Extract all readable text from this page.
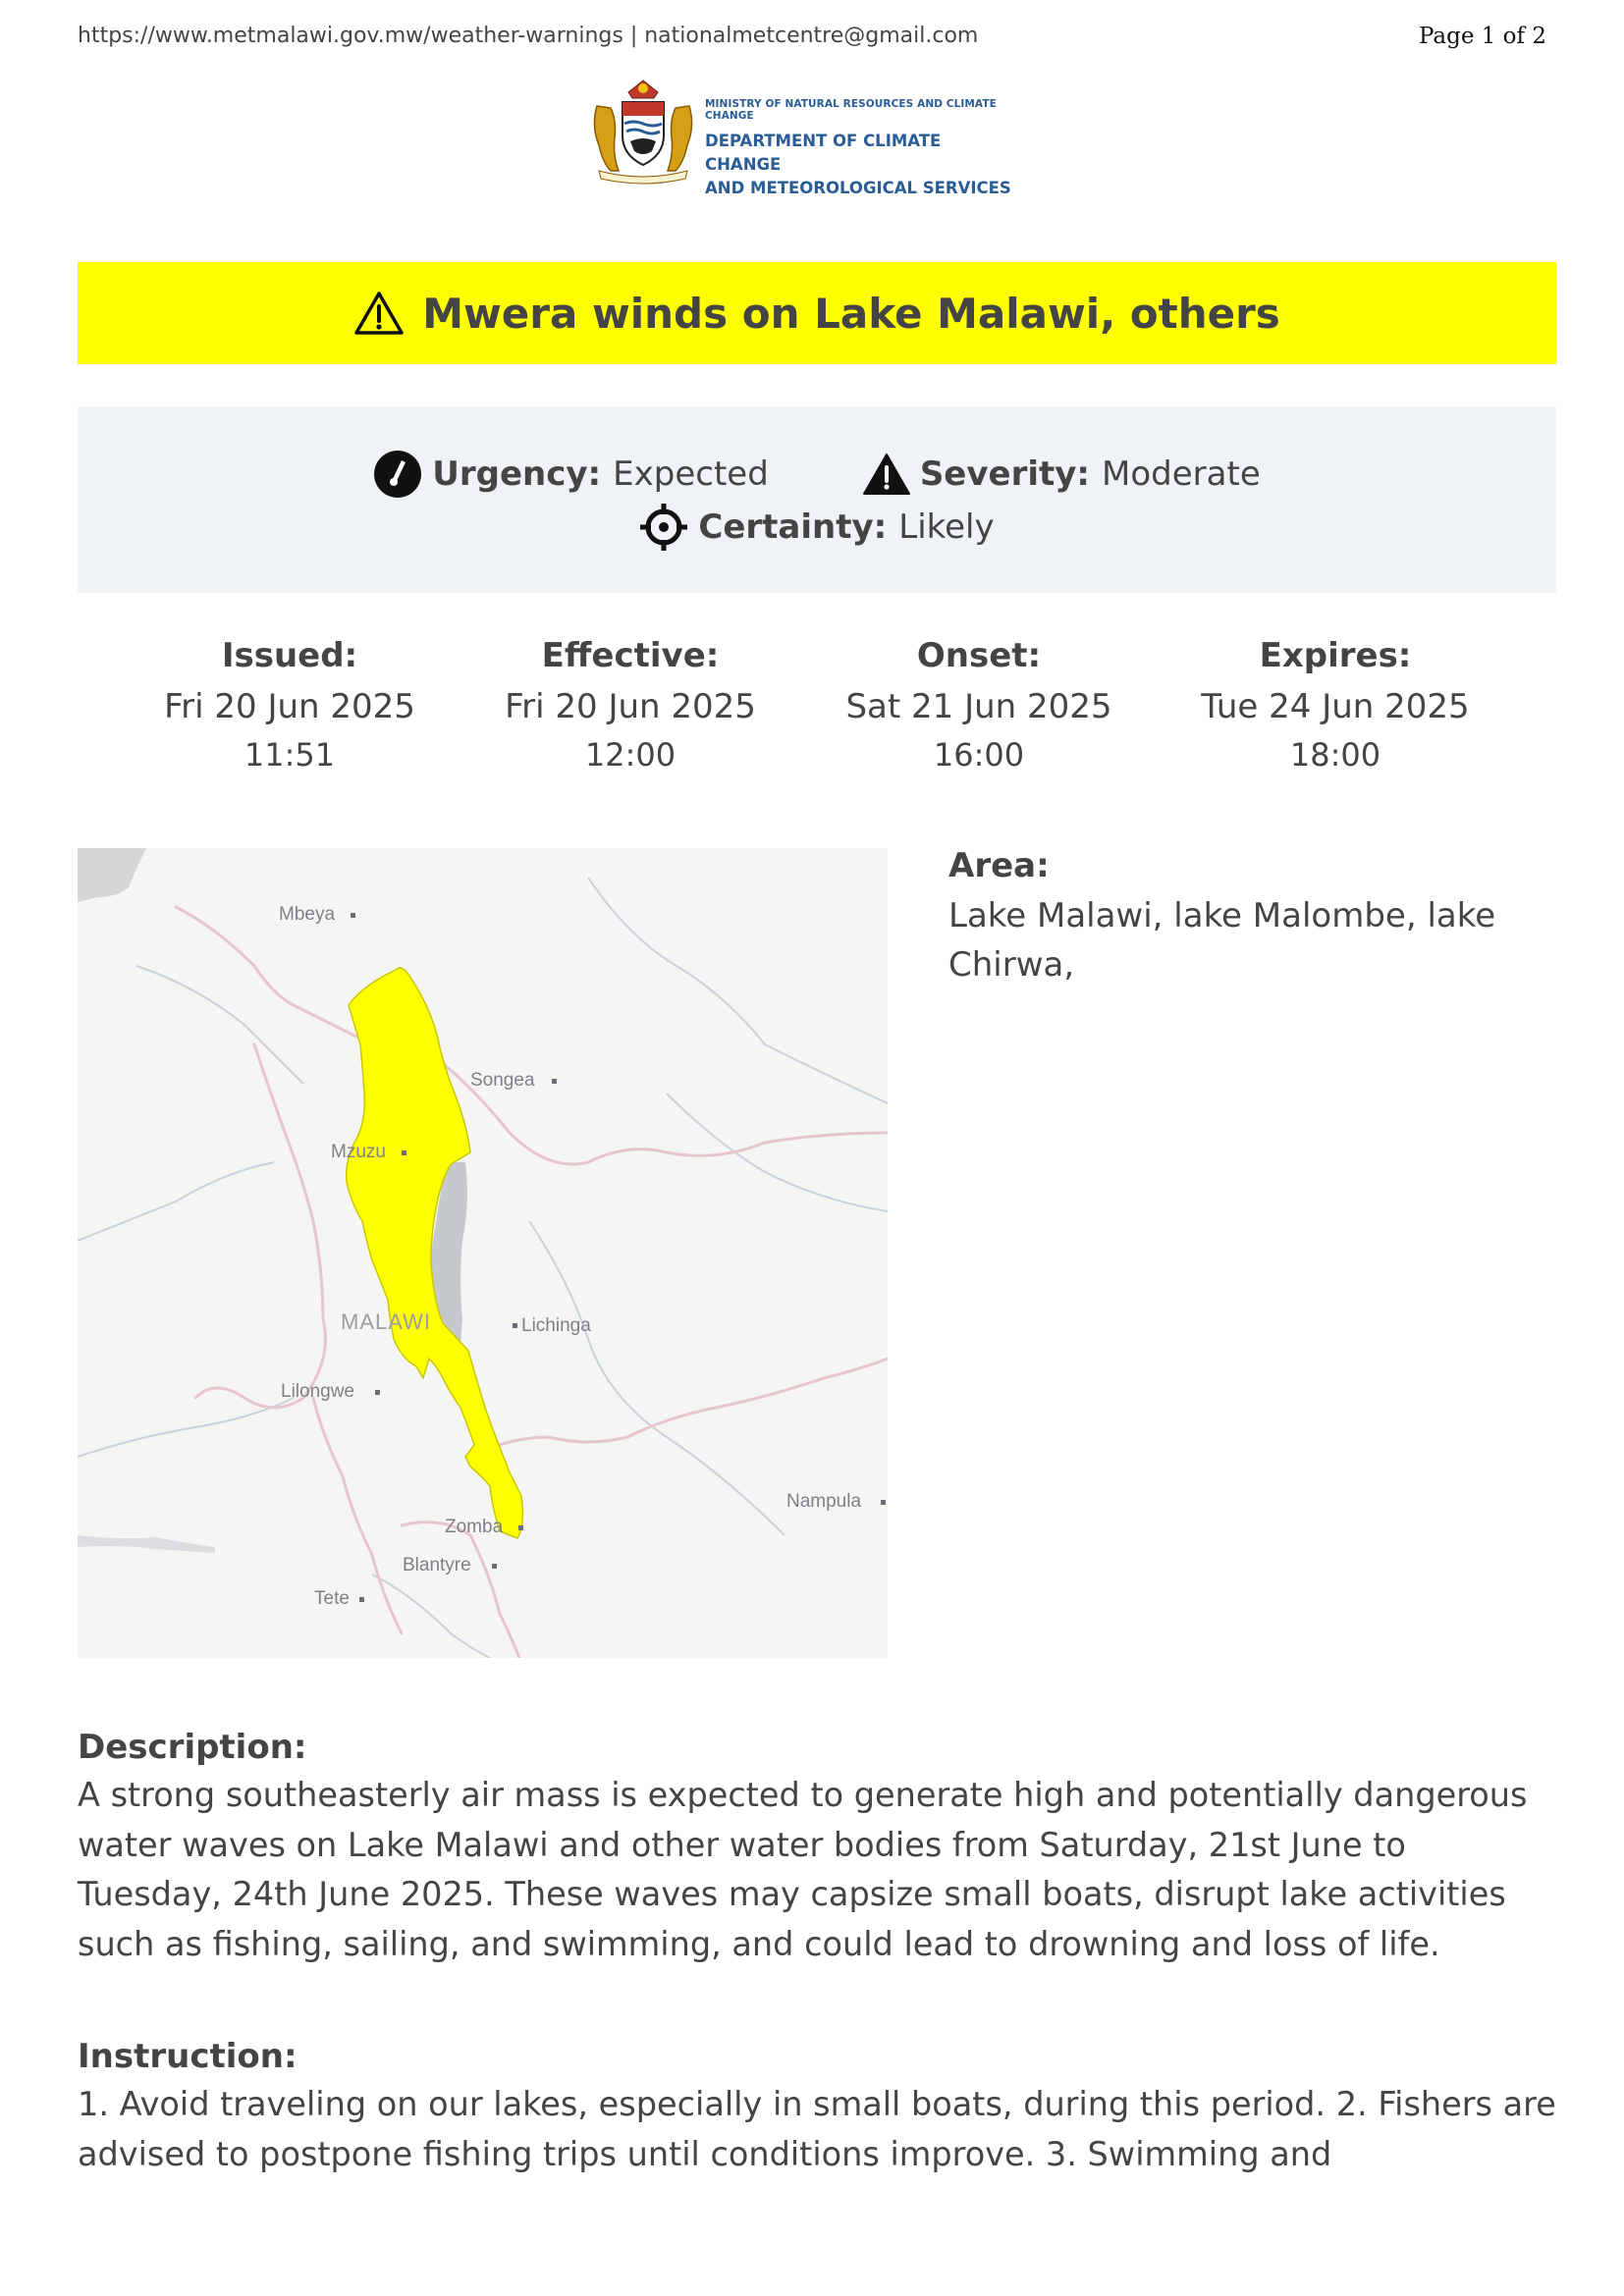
https://www.metmalawi.gov.mw/weather-warnings | nationalmetcentre@gmail.com	Page 1 of 2
MINISTRY OF NATURAL RESOURCES AND CLIMATE CHANGE
DEPARTMENT OF CLIMATE CHANGE
AND METEOROLOGICAL SERVICES
Mwera winds on Lake Malawi, others
Urgency: Expected	Severity: Moderate
Certainty: Likely
Issued:
Fri 20 Jun 2025
11:51
Effective:
Fri 20 Jun 2025
12:00
Onset:
Sat 21 Jun 2025
16:00
Expires:
Tue 24 Jun 2025
18:00
Mbeya
Songea
Mzuzu
MALAWI	Lichinga
Lilongwe
Nampula
Zomba
Blantyre
Tete
Area:
Lake Malawi, lake Malombe, lake Chirwa,
Description:
A strong southeasterly air mass is expected to generate high and potentially dangerous water waves on Lake Malawi and other water bodies from Saturday, 21st June to Tuesday, 24th June 2025. These waves may capsize small boats, disrupt lake activities such as fishing, sailing, and swimming, and could lead to drowning and loss of life.
Instruction:
1. Avoid traveling on our lakes, especially in small boats, during this period. 2. Fishers are advised to postpone fishing trips until conditions improve. 3. Swimming and
